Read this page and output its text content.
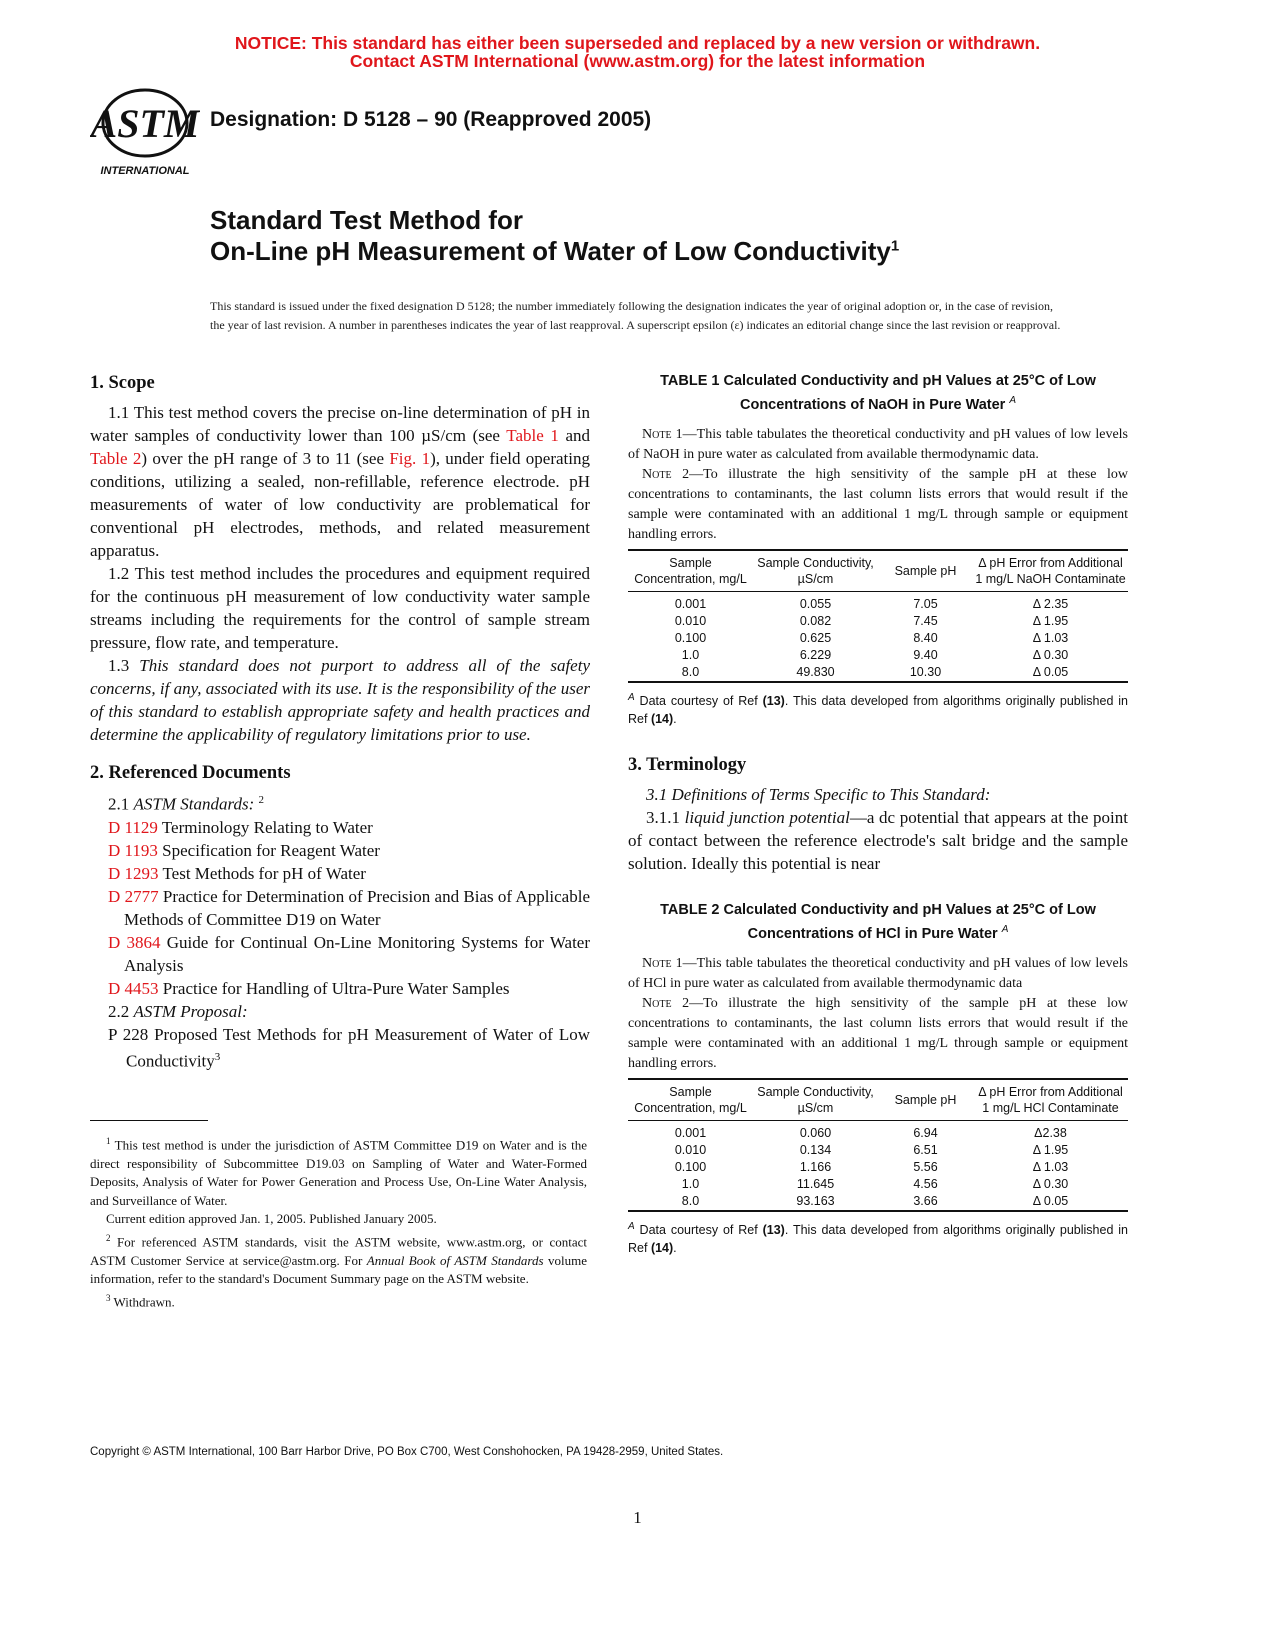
NOTICE: This standard has either been superseded and replaced by a new version or withdrawn.
Contact ASTM International (www.astm.org) for the latest information
ASTM
INTERNATIONAL
Designation: D 5128 – 90 (Reapproved 2005)
Standard Test Method for
On-Line pH Measurement of Water of Low Conductivity$^1$
This standard is issued under the fixed designation D 5128; the number immediately following the designation indicates the year of original adoption or, in the case of revision, the year of last revision. A number in parentheses indicates the year of last reapproval. A superscript epsilon (ε) indicates an editorial change since the last revision or reapproval.
1. Scope

1.1 This test method covers the precise on-line determination of pH in water samples of conductivity lower than 100 µS/cm (see Table 1 and Table 2) over the pH range of 3 to 11 (see Fig. 1), under field operating conditions, utilizing a sealed, non-refillable, reference electrode. pH measurements of water of low conductivity are problematical for conventional pH electrodes, methods, and related measurement apparatus.

1.2 This test method includes the procedures and equipment required for the continuous pH measurement of low conductivity water sample streams including the requirements for the control of sample stream pressure, flow rate, and temperature.

1.3 This standard does not purport to address all of the safety concerns, if any, associated with its use. It is the responsibility of the user of this standard to establish appropriate safety and health practices and determine the applicability of regulatory limitations prior to use.

2. Referenced Documents

2.1 ASTM Standards: $^2$

D 1129 Terminology Relating to Water

D 1193 Specification for Reagent Water

D 1293 Test Methods for pH of Water

D 2777 Practice for Determination of Precision and Bias of Applicable Methods of Committee D19 on Water

D 3864 Guide for Continual On-Line Monitoring Systems for Water Analysis

D 4453 Practice for Handling of Ultra-Pure Water Samples

2.2 ASTM Proposal:

P 228 Proposed Test Methods for pH Measurement of Water of Low Conductivity$^3$

$^1$ This test method is under the jurisdiction of ASTM Committee D19 on Water and is the direct responsibility of Subcommittee D19.03 on Sampling of Water and Water-Formed Deposits, Analysis of Water for Power Generation and Process Use, On-Line Water Analysis, and Surveillance of Water.

Current edition approved Jan. 1, 2005. Published January 2005.

$^2$ For referenced ASTM standards, visit the ASTM website, www.astm.org, or contact ASTM Customer Service at service@astm.org. For Annual Book of ASTM Standards volume information, refer to the standard's Document Summary page on the ASTM website.

$^3$ Withdrawn.

TABLE 1 Calculated Conductivity and pH Values at 25°C of Low
Concentrations of NaOH in Pure Water $^A$

Note 1—This table tabulates the theoretical conductivity and pH values of low levels of NaOH in pure water as calculated from available thermodynamic data.

Note 2—To illustrate the high sensitivity of the sample pH at these low concentrations to contaminants, the last column lists errors that would result if the sample were contaminated with an additional 1 mg/L through sample or equipment handling errors.

Sample Concentration, mg/L	Sample Conductivity, µS/cm	Sample pH	Δ pH Error from Additional 1 mg/L NaOH Contaminate
0.001	0.055	7.05	Δ 2.35
0.010	0.082	7.45	Δ 1.95
0.100	0.625	8.40	Δ 1.03
1.0	6.229	9.40	Δ 0.30
8.0	49.830	10.30	Δ 0.05

$^A$ Data courtesy of Ref (13). This data developed from algorithms originally published in Ref (14).

3. Terminology

3.1 Definitions of Terms Specific to This Standard:

3.1.1 liquid junction potential—a dc potential that appears at the point of contact between the reference electrode's salt bridge and the sample solution. Ideally this potential is near

TABLE 2 Calculated Conductivity and pH Values at 25°C of Low
Concentrations of HCl in Pure Water $^A$

Note 1—This table tabulates the theoretical conductivity and pH values of low levels of HCl in pure water as calculated from available thermodynamic data

Note 2—To illustrate the high sensitivity of the sample pH at these low concentrations to contaminants, the last column lists errors that would result if the sample were contaminated with an additional 1 mg/L through sample or equipment handling errors.

Sample Concentration, mg/L	Sample Conductivity, µS/cm	Sample pH	Δ pH Error from Additional 1 mg/L HCl Contaminate
0.001	0.060	6.94	Δ2.38
0.010	0.134	6.51	Δ 1.95
0.100	1.166	5.56	Δ 1.03
1.0	11.645	4.56	Δ 0.30
8.0	93.163	3.66	Δ 0.05

$^A$ Data courtesy of Ref (13). This data developed from algorithms originally published in Ref (14).

Copyright © ASTM International, 100 Barr Harbor Drive, PO Box C700, West Conshohocken, PA 19428-2959, United States.
1
